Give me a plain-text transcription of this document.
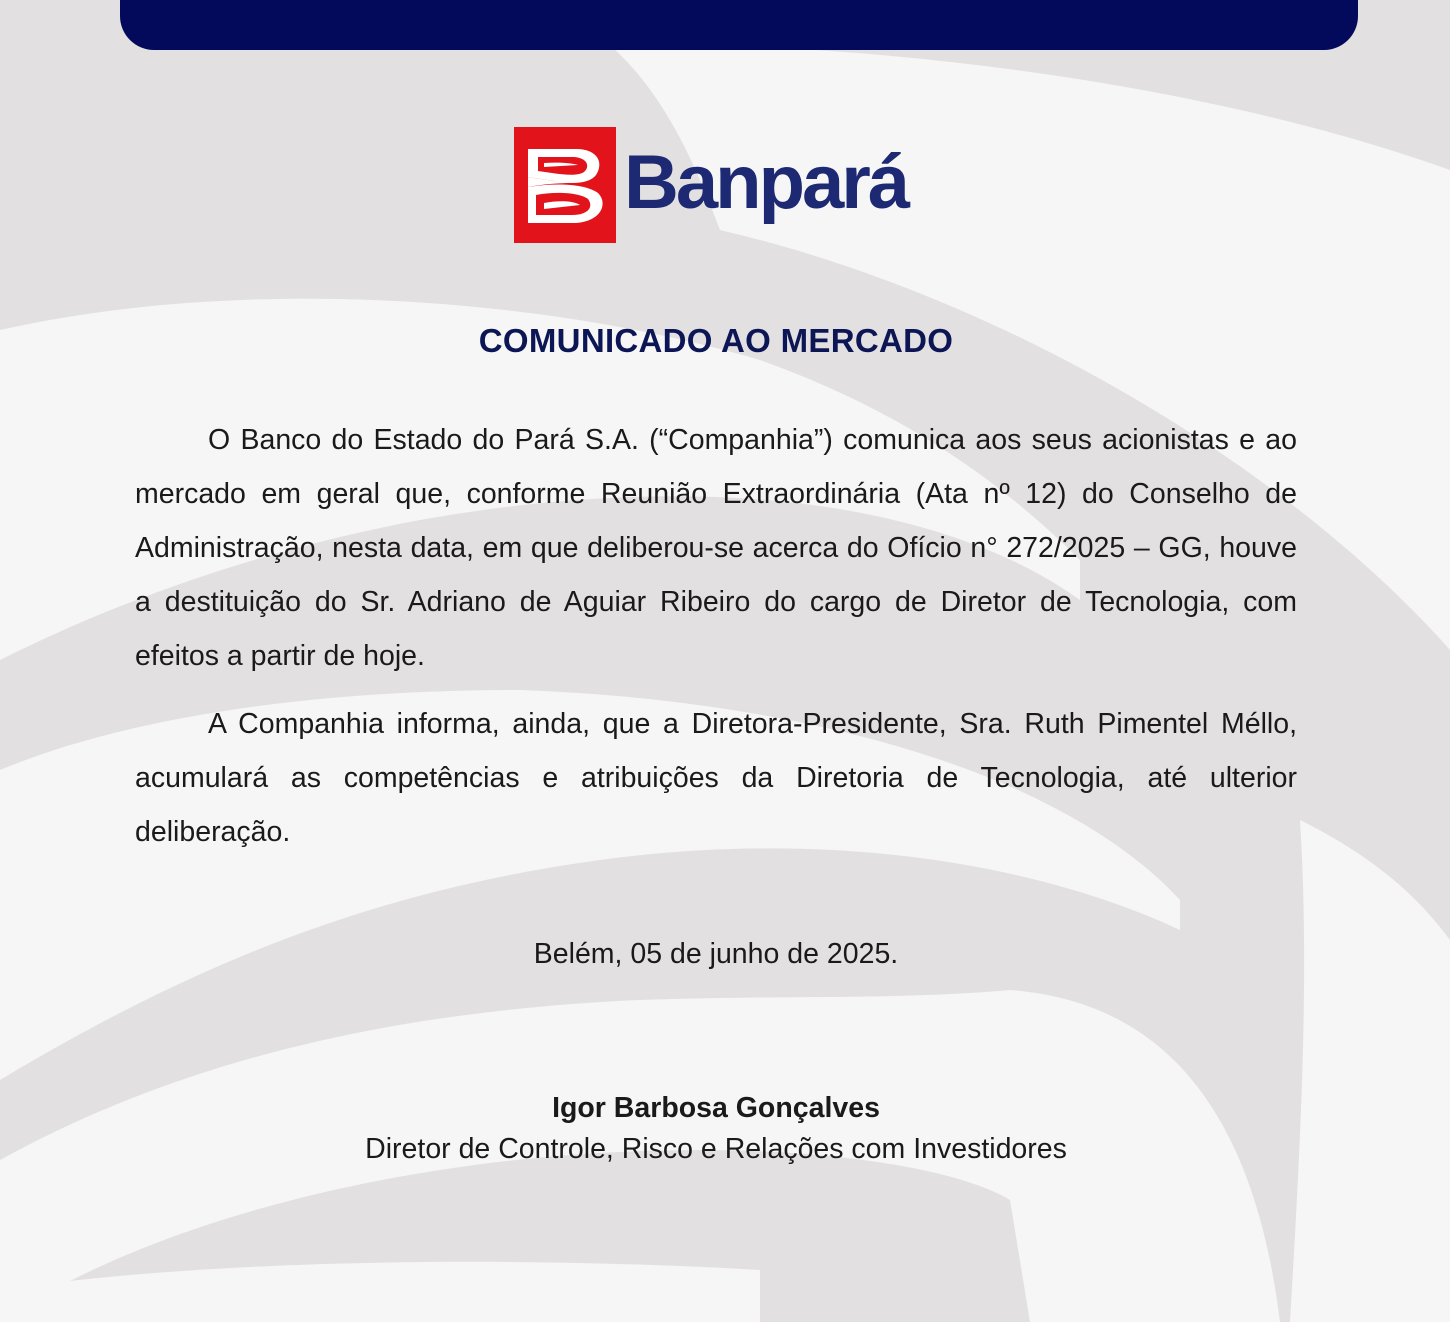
Banpará
COMUNICADO AO MERCADO

O Banco do Estado do Pará S.A. (“Companhia”) comunica aos seus acionistas e ao mercado em geral que, conforme Reunião Extraordinária (Ata nº 12) do Conselho de Administração, nesta data, em que deliberou-se acerca do Ofício n° 272/2025 – GG, houve a destituição do Sr. Adriano de Aguiar Ribeiro do cargo de Diretor de Tecnologia, com efeitos a partir de hoje.

A Companhia informa, ainda, que a Diretora-Presidente, Sra. Ruth Pimentel Méllo, acumulará as competências e atribuições da Diretoria de Tecnologia, até ulterior deliberação.

Belém, 05 de junho de 2025.
Igor Barbosa Gonçalves
Diretor de Controle, Risco e Relações com Investidores
